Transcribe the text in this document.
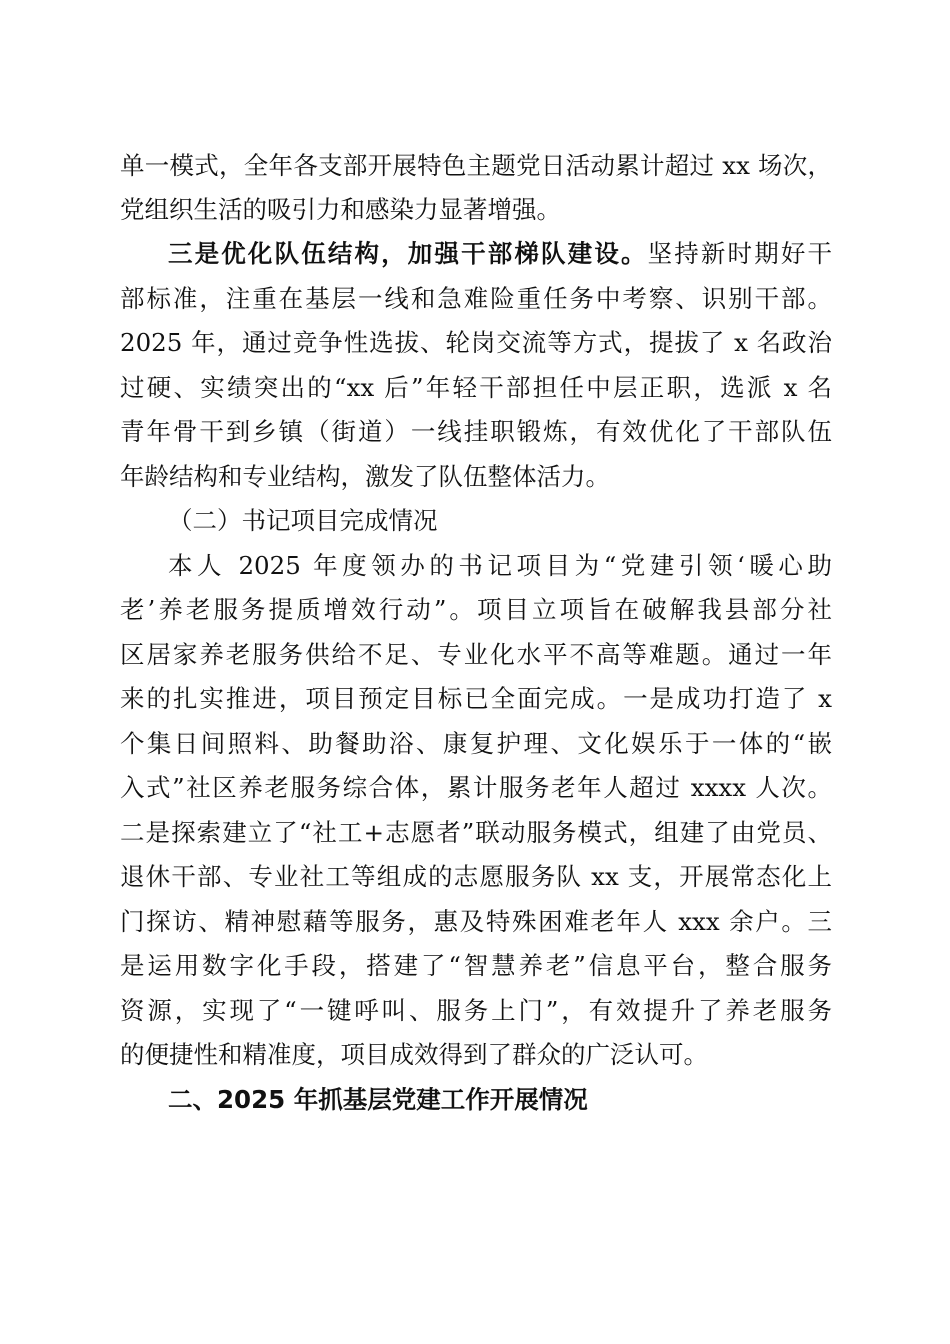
单一模式，全年各支部开展特色主题党日活动累计超过 xx 场次，
党组织生活的吸引力和感染力显著增强。
三是优化队伍结构，加强干部梯队建设。坚持新时期好干
部标准，注重在基层一线和急难险重任务中考察、识别干部。
2025 年，通过竞争性选拔、轮岗交流等方式，提拔了 x 名政治
过硬、实绩突出的“xx 后”年轻干部担任中层正职，选派 x 名
青年骨干到乡镇（街道）一线挂职锻炼，有效优化了干部队伍
年龄结构和专业结构，激发了队伍整体活力。
（二）书记项目完成情况
本人 2025 年度领办的书记项目为“党建引领‘暖心助
老’养老服务提质增效行动”。项目立项旨在破解我县部分社
区居家养老服务供给不足、专业化水平不高等难题。通过一年
来的扎实推进，项目预定目标已全面完成。一是成功打造了 x
个集日间照料、助餐助浴、康复护理、文化娱乐于一体的“嵌
入式”社区养老服务综合体，累计服务老年人超过 xxxx 人次。
二是探索建立了“社工+志愿者”联动服务模式，组建了由党员、
退休干部、专业社工等组成的志愿服务队 xx 支，开展常态化上
门探访、精神慰藉等服务，惠及特殊困难老年人 xxx 余户。三
是运用数字化手段，搭建了“智慧养老”信息平台，整合服务
资源，实现了“一键呼叫、服务上门”，有效提升了养老服务
的便捷性和精准度，项目成效得到了群众的广泛认可。
二、2025 年抓基层党建工作开展情况
